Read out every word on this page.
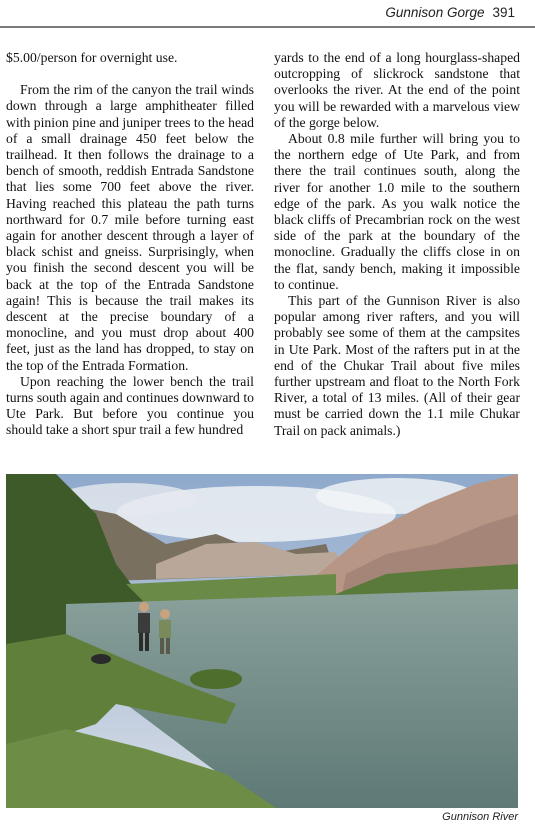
Gunnison Gorge 391

$5.00/person for overnight use.

From the rim of the canyon the trail winds down through a large amphitheater filled with pinion pine and juniper trees to the head of a small drainage 450 feet below the trailhead. It then follows the drainage to a bench of smooth, reddish Entrada Sandstone that lies some 700 feet above the river. Having reached this plateau the path turns northward for 0.7 mile before turning east again for another descent through a layer of black schist and gneiss. Surprisingly, when you finish the second descent you will be back at the top of the Entrada Sandstone again! This is because the trail makes its descent at the precise boundary of a monocline, and you must drop about 400 feet, just as the land has dropped, to stay on the top of the Entrada Formation.

Upon reaching the lower bench the trail turns south again and continues downward to Ute Park. But before you continue you should take a short spur trail a few hundred

yards to the end of a long hourglass-shaped outcropping of slickrock sandstone that overlooks the river. At the end of the point you will be rewarded with a marvelous view of the gorge below.

About 0.8 mile further will bring you to the northern edge of Ute Park, and from there the trail continues south, along the river for another 1.0 mile to the southern edge of the park. As you walk notice the black cliffs of Precambrian rock on the west side of the park at the boundary of the monocline. Gradually the cliffs close in on the flat, sandy bench, making it impossible to continue.

This part of the Gunnison River is also popular among river rafters, and you will probably see some of them at the campsites in Ute Park. Most of the rafters put in at the end of the Chukar Trail about five miles further upstream and float to the North Fork River, a total of 13 miles. (All of their gear must be carried down the 1.1 mile Chukar Trail on pack animals.)

Gunnison River
